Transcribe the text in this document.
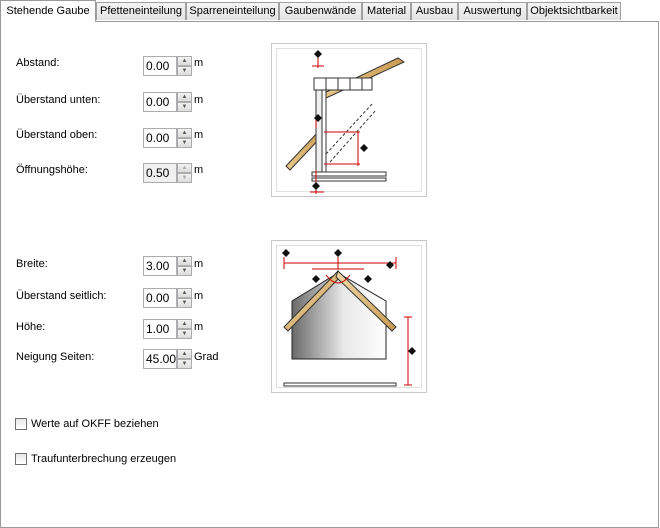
Stehende Gaube Pfetteneinteilung Sparreneinteilung Gaubenwände Material Ausbau Auswertung Objektsichtbarkeit
Abstand:
0.00	▲
▼
m
Überstand unten:
0.00	▲
▼
m
Überstand oben:
0.00	▲
▼
m
Öffnungshöhe:
0.50	▲
▼
m
Breite:
3.00	▲
▼
m
Überstand seitlich:
0.00	▲
▼
m
Höhe:
1.00	▲
▼
m
Neigung Seiten:
45.00	▲
▼
Grad
Werte auf OKFF beziehen
Traufunterbrechung erzeugen
